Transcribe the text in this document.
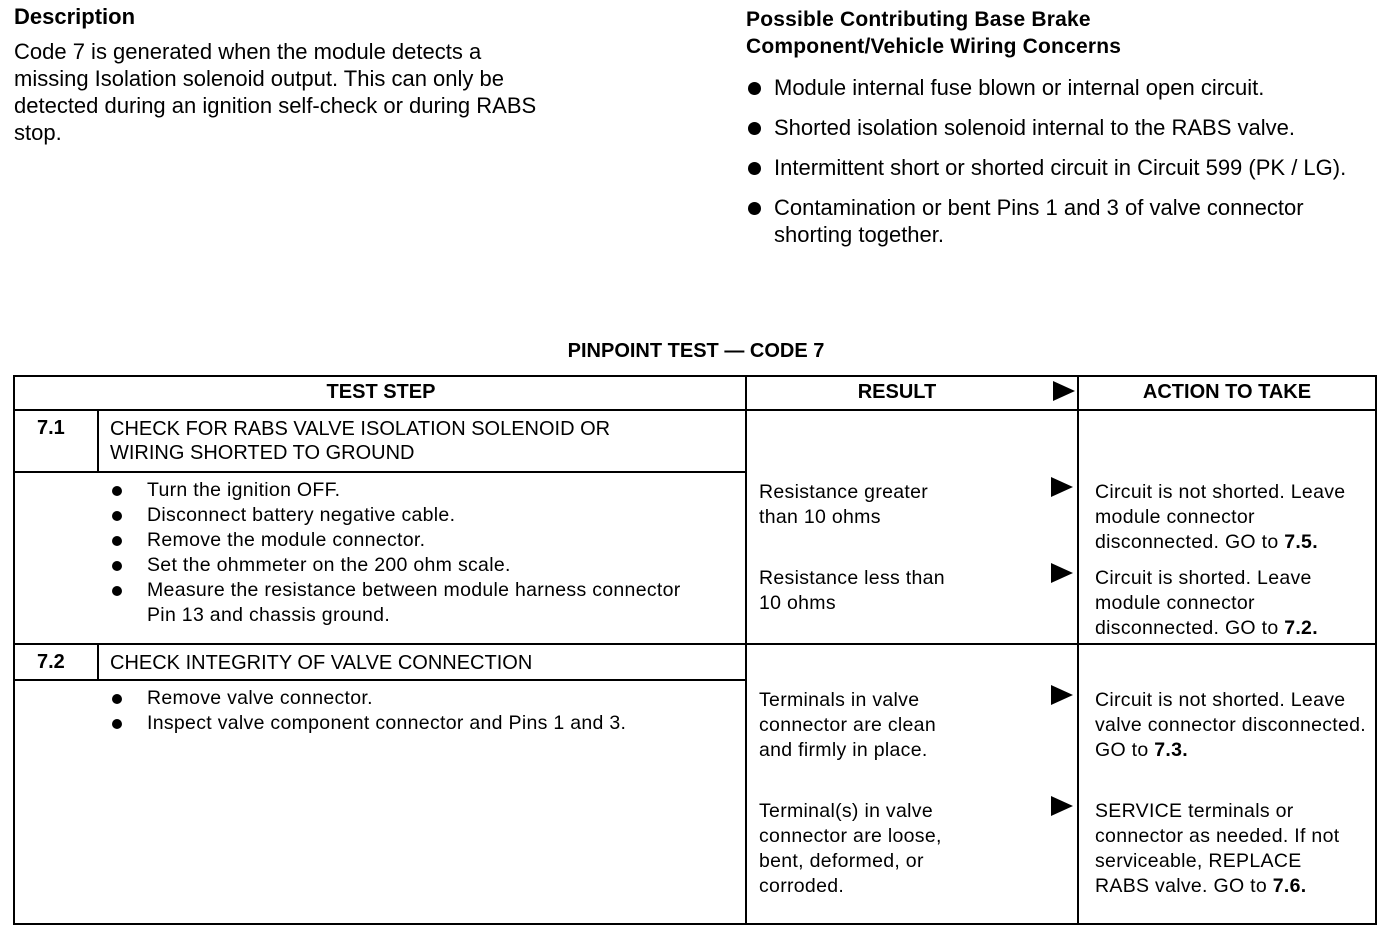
Description

Code 7 is generated when the module detects a
missing Isolation solenoid output. This can only be
detected during an ignition self-check or during RABS
stop.

Possible Contributing Base Brake
Component/Vehicle Wiring Concerns
Module internal fuse blown or internal open circuit.
Shorted isolation solenoid internal to the RABS valve.
Intermittent short or shorted circuit in Circuit 599 (PK / LG).
Contamination or bent Pins 1 and 3 of valve connector shorting together.
PINPOINT TEST — CODE 7
TEST STEP	RESULT	ACTION TO TAKE
7.1 CHECK FOR RABS VALVE ISOLATION SOLENOID OR
WIRING SHORTED TO GROUND
Turn the ignition OFF.
Disconnect battery negative cable.
Remove the module connector.
Set the ohmmeter on the 200 ohm scale.
Measure the resistance between module harness connector Pin 13 and chassis ground.
Resistance greater than 10 ohms
Circuit is not shorted. Leave module connector disconnected. GO to 7.5.
Resistance less than 10 ohms
Circuit is shorted. Leave module connector disconnected. GO to 7.2.
7.2 CHECK INTEGRITY OF VALVE CONNECTION
Remove valve connector.
Inspect valve component connector and Pins 1 and 3.
Terminals in valve connector are clean and firmly in place.
Circuit is not shorted. Leave valve connector disconnected. GO to 7.3.
Terminal(s) in valve connector are loose, bent, deformed, or corroded.
SERVICE terminals or connector as needed. If not serviceable, REPLACE RABS valve. GO to 7.6.
